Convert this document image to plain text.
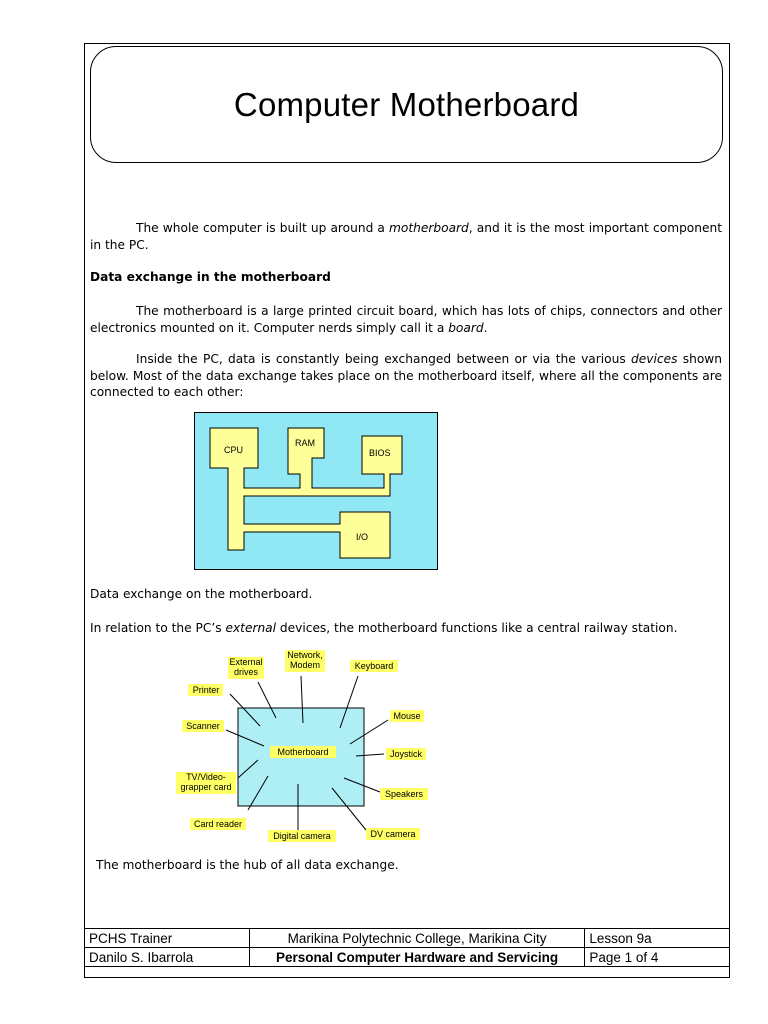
Computer Motherboard

The whole computer is built up around a motherboard, and it is the most important component in the PC.

Data exchange in the motherboard

The motherboard is a large printed circuit board, which has lots of chips, connectors and other electronics mounted on it. Computer nerds simply call it a board.

Inside the PC, data is constantly being exchanged between or via the various devices shown below. Most of the data exchange takes place on the motherboard itself, where all the components are connected to each other:

CPU
RAM
BIOS
I/O

Data exchange on the motherboard.

In relation to the PC’s external devices, the motherboard functions like a central railway station.

Motherboard
External
drives
Network,
Modem	Keyboard
Printer
Mouse
Scanner
Joystick
TV/Video-
grapper card
Speakers
Card reader
Digital camera	DV camera

The motherboard is the hub of all data exchange.

PCHS Trainer	Marikina Polytechnic College, Marikina City	Lesson 9a
Danilo S. Ibarrola	Personal Computer Hardware and Servicing	Page 1 of 4
